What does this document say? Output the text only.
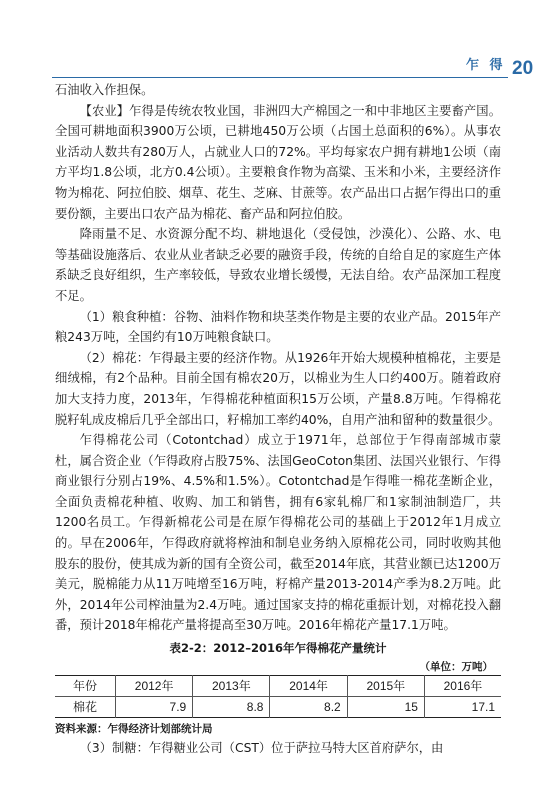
乍 得 20

石油收入作担保。

【农业】乍得是传统农牧业国，非洲四大产棉国之一和中非地区主要畜产国。全国可耕地面积3900万公顷，已耕地450万公顷（占国土总面积的6%）。从事农业活动人数共有280万人，占就业人口的72%。平均每家农户拥有耕地1公顷（南方平均1.8公顷，北方0.4公顷）。主要粮食作物为高粱、玉米和小米，主要经济作物为棉花、阿拉伯胶、烟草、花生、芝麻、甘蔗等。农产品出口占据乍得出口的重要份额，主要出口农产品为棉花、畜产品和阿拉伯胶。

降雨量不足、水资源分配不均、耕地退化（受侵蚀，沙漠化）、公路、水、电等基础设施落后、农业从业者缺乏必要的融资手段，传统的自给自足的家庭生产体系缺乏良好组织，生产率较低，导致农业增长缓慢，无法自给。农产品深加工程度不足。

（1）粮食种植：谷物、油料作物和块茎类作物是主要的农业产品。2015年产粮243万吨，全国约有10万吨粮食缺口。

（2）棉花：乍得最主要的经济作物。从1926年开始大规模种植棉花，主要是细绒棉，有2个品种。目前全国有棉农20万，以棉业为生人口约400万。随着政府加大支持力度，2013年，乍得棉花种植面积15万公顷，产量8.8万吨。乍得棉花脱籽轧成皮棉后几乎全部出口，籽棉加工率约40%，自用产油和留种的数量很少。

乍得棉花公司（Cotontchad）成立于1971年，总部位于乍得南部城市蒙杜，属合资企业（乍得政府占股75%、法国GeoCoton集团、法国兴业银行、乍得商业银行分别占19%、4.5%和1.5%）。Cotontchad是乍得唯一棉花垄断企业，全面负责棉花种植、收购、加工和销售，拥有6家轧棉厂和1家制油制造厂，共1200名员工。乍得新棉花公司是在原乍得棉花公司的基础上于2012年1月成立的。早在2006年，乍得政府就将榨油和制皂业务纳入原棉花公司，同时收购其他股东的股份，使其成为新的国有全资公司，截至2014年底，其营业额已达1200万美元，脱棉能力从11万吨增至16万吨，籽棉产量2013-2014产季为8.2万吨。此外，2014年公司榨油量为2.4万吨。通过国家支持的棉花重振计划，对棉花投入翻番，预计2018年棉花产量将提高至30万吨。2016年棉花产量17.1万吨。

表2-2：2012–2016年乍得棉花产量统计
（单位：万吨）
年份	2012年	2013年	2014年	2015年	2016年
棉花	7.9	8.8	8.2	15	17.1
资料来源：乍得经济计划部统计局

（3）制糖：乍得糖业公司（CST）位于萨拉马特大区首府萨尔，由
